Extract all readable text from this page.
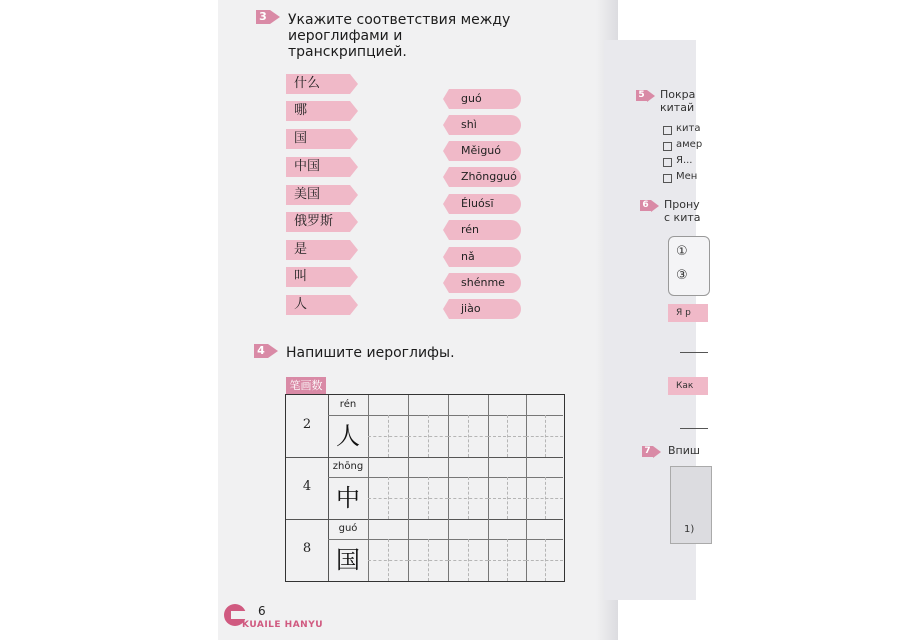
3 Укажите соответствия между иероглифами и
транскрипцией.
什么
哪
国
中国
美国
俄罗斯
是
叫
人
guó
shì
Měiguó
Zhōngguó
Éluósī
rén
nǎ
shénme
jiào
4 Напишите иероглифы.
笔画数
2
rén
人
4
zhōng
中
8
guó
国
6
KUAILE HANYU
5 Покра
китай
кита
амер
Я...
Мен
6 Прону
с кита
①
③
Я р
Как
7 Впиш
1)
